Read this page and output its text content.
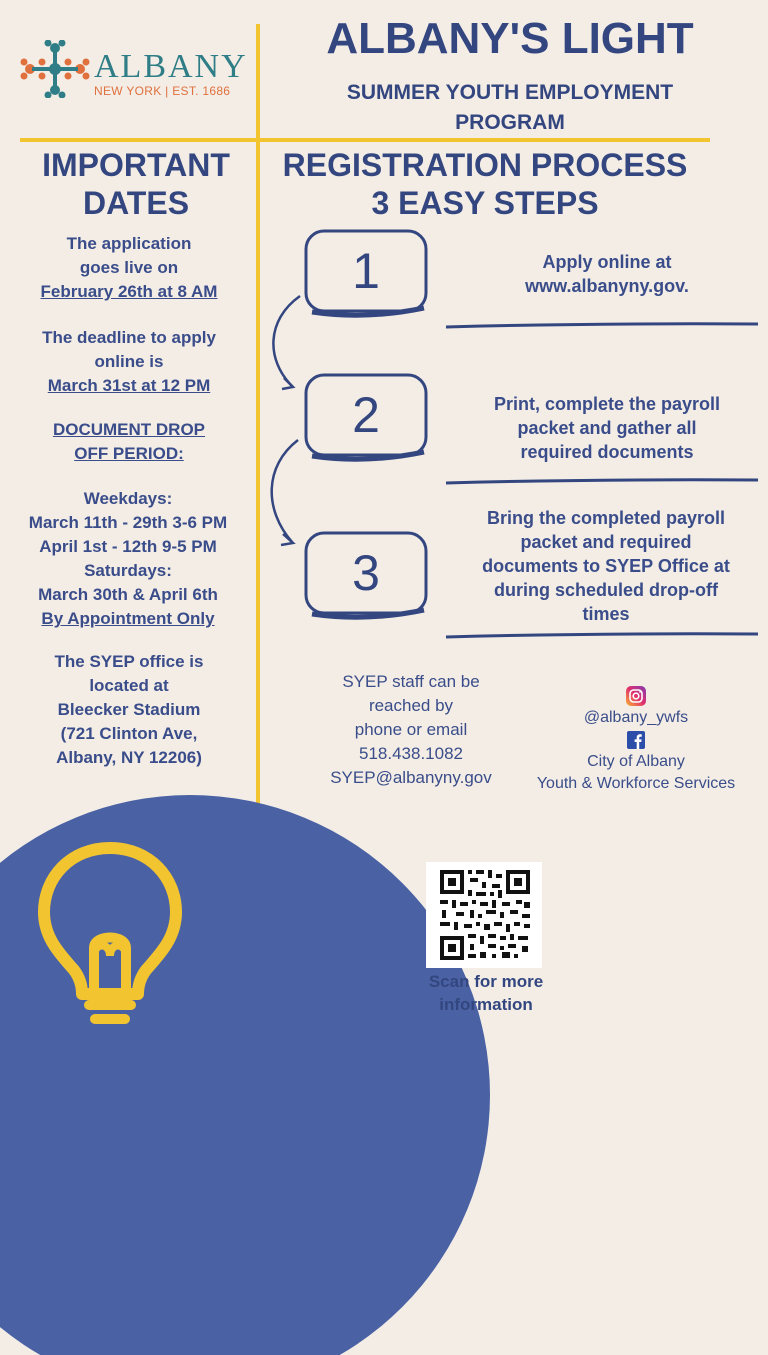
ALBANY
NEW YORK | EST. 1686
ALBANY'S LIGHT
SUMMER YOUTH EMPLOYMENT
PROGRAM
IMPORTANT
DATES
The application
goes live on
February 26th at 8 AM
The deadline to apply
online is
March 31st at 12 PM
DOCUMENT DROP
OFF PERIOD:
Weekdays:
March 11th - 29th 3-6 PM
April 1st - 12th 9-5 PM
Saturdays:
March 30th & April 6th
By Appointment Only
The SYEP office is
located at
Bleecker Stadium
(721 Clinton Ave,
Albany, NY 12206)
REGISTRATION PROCESS
3 EASY STEPS
1	Apply online at
www.albanyny.gov.
2	Print, complete the payroll
packet and gather all
required documents
3
Bring the completed payroll
packet and required
documents to SYEP Office at
during scheduled drop-off
times
SYEP staff can be
reached by
phone or email
518.438.1082
SYEP@albanyny.gov
@albany_ywfs
City of Albany
Youth & Workforce Services
Scan for more
information
